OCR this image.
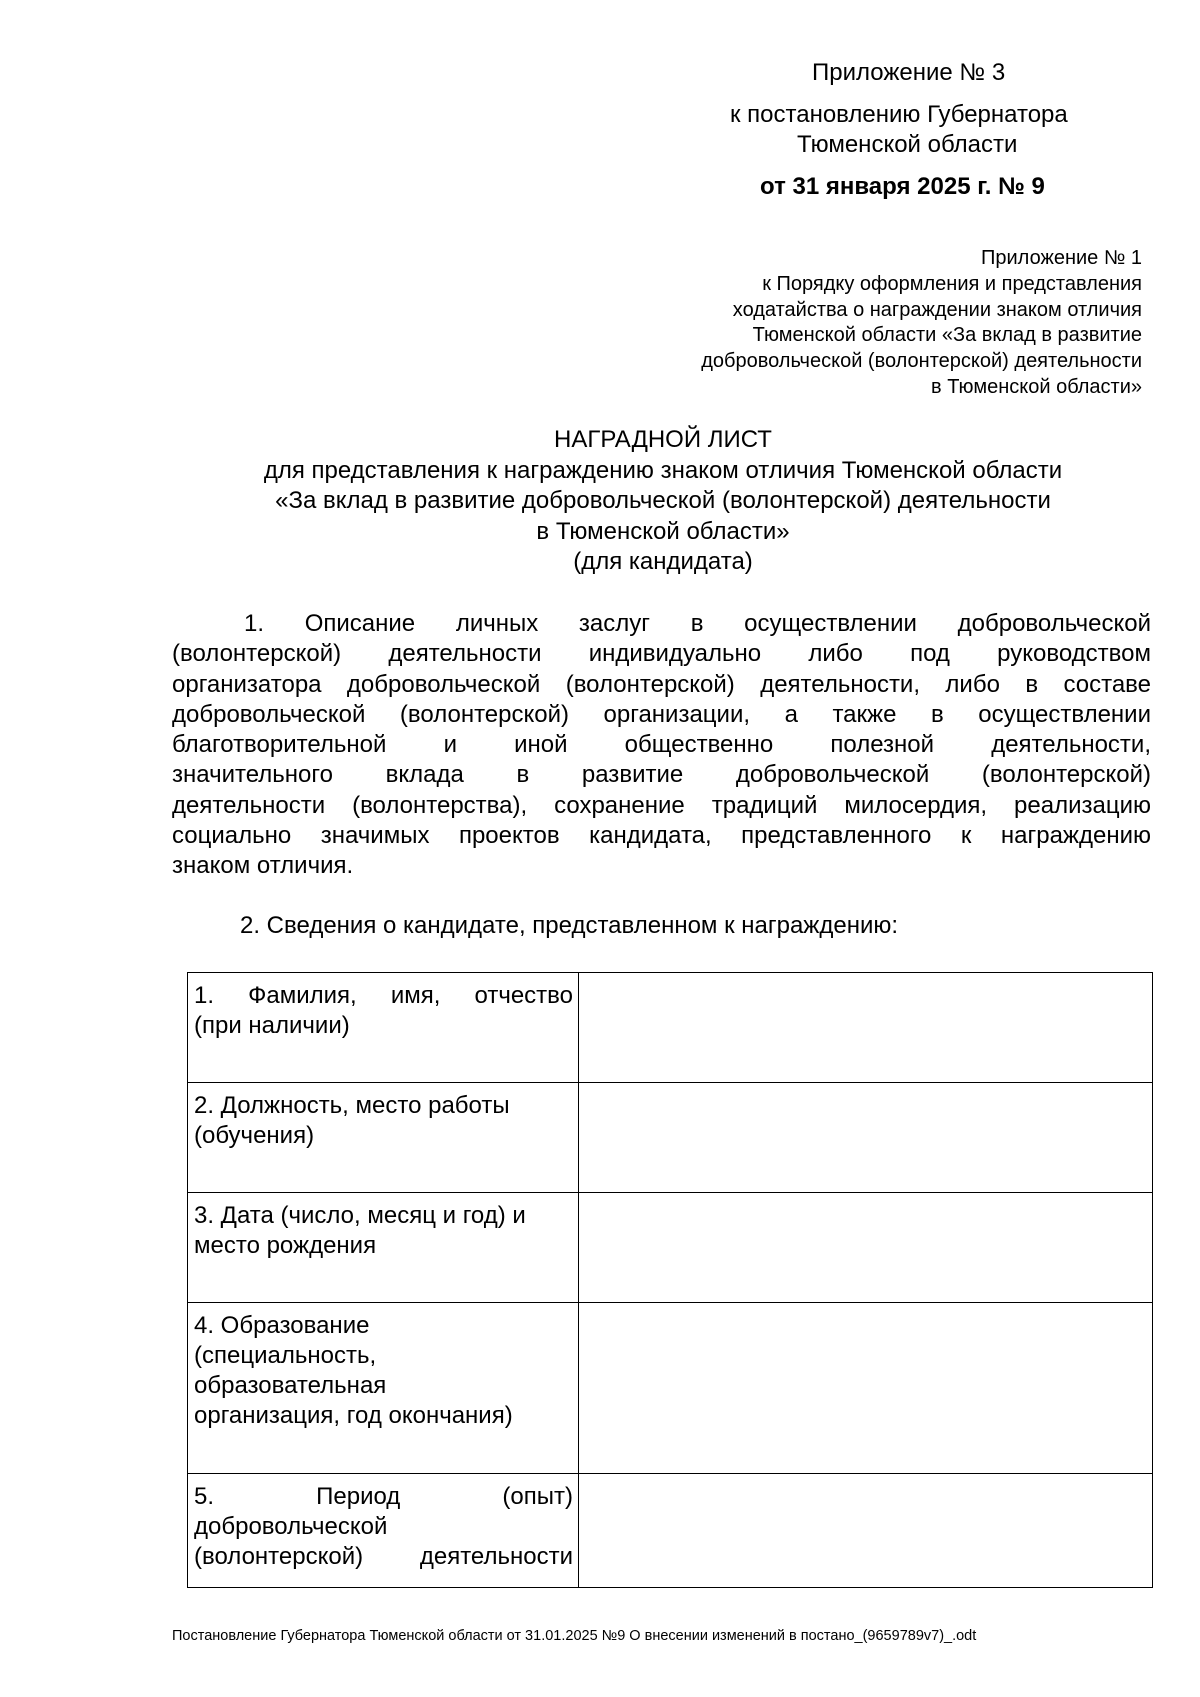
Приложение № 3
к постановлению Губернатора
Тюменской области
от 31 января 2025 г. № 9
Приложение № 1
к Порядку оформления и представления
ходатайства о награждении знаком отличия
Тюменской области «За вклад в развитие
добровольческой (волонтерской) деятельности
в Тюменской области»
НАГРАДНОЙ ЛИСТ
для представления к награждению знаком отличия Тюменской области
«За вклад в развитие добровольческой (волонтерской) деятельности
в Тюменской области»
(для кандидата)
1. Описание личных заслуг в осуществлении добровольческой
(волонтерской) деятельности индивидуально либо под руководством
организатора добровольческой (волонтерской) деятельности, либо в составе
добровольческой (волонтерской) организации, а также в осуществлении
благотворительной и иной общественно полезной деятельности,
значительного вклада в развитие добровольческой (волонтерской)
деятельности (волонтерства), сохранение традиций милосердия, реализацию
социально значимых проектов кандидата, представленного к награждению
знаком отличия.
2. Сведения о кандидате, представленном к награждению:
1. Фамилия, имя, отчество
(при наличии)	

2. Должность, место работы
(обучения)	

3. Дата (число, месяц и год) и
место рождения	

4. Образование
(специальность,
образовательная
организация, год окончания)	

5. Период (опыт)
добровольческой
(волонтерской) деятельности	

Постановление Губернатора Тюменской области от 31.01.2025 №9 О внесении изменений в постано_(9659789v7)_.odt
